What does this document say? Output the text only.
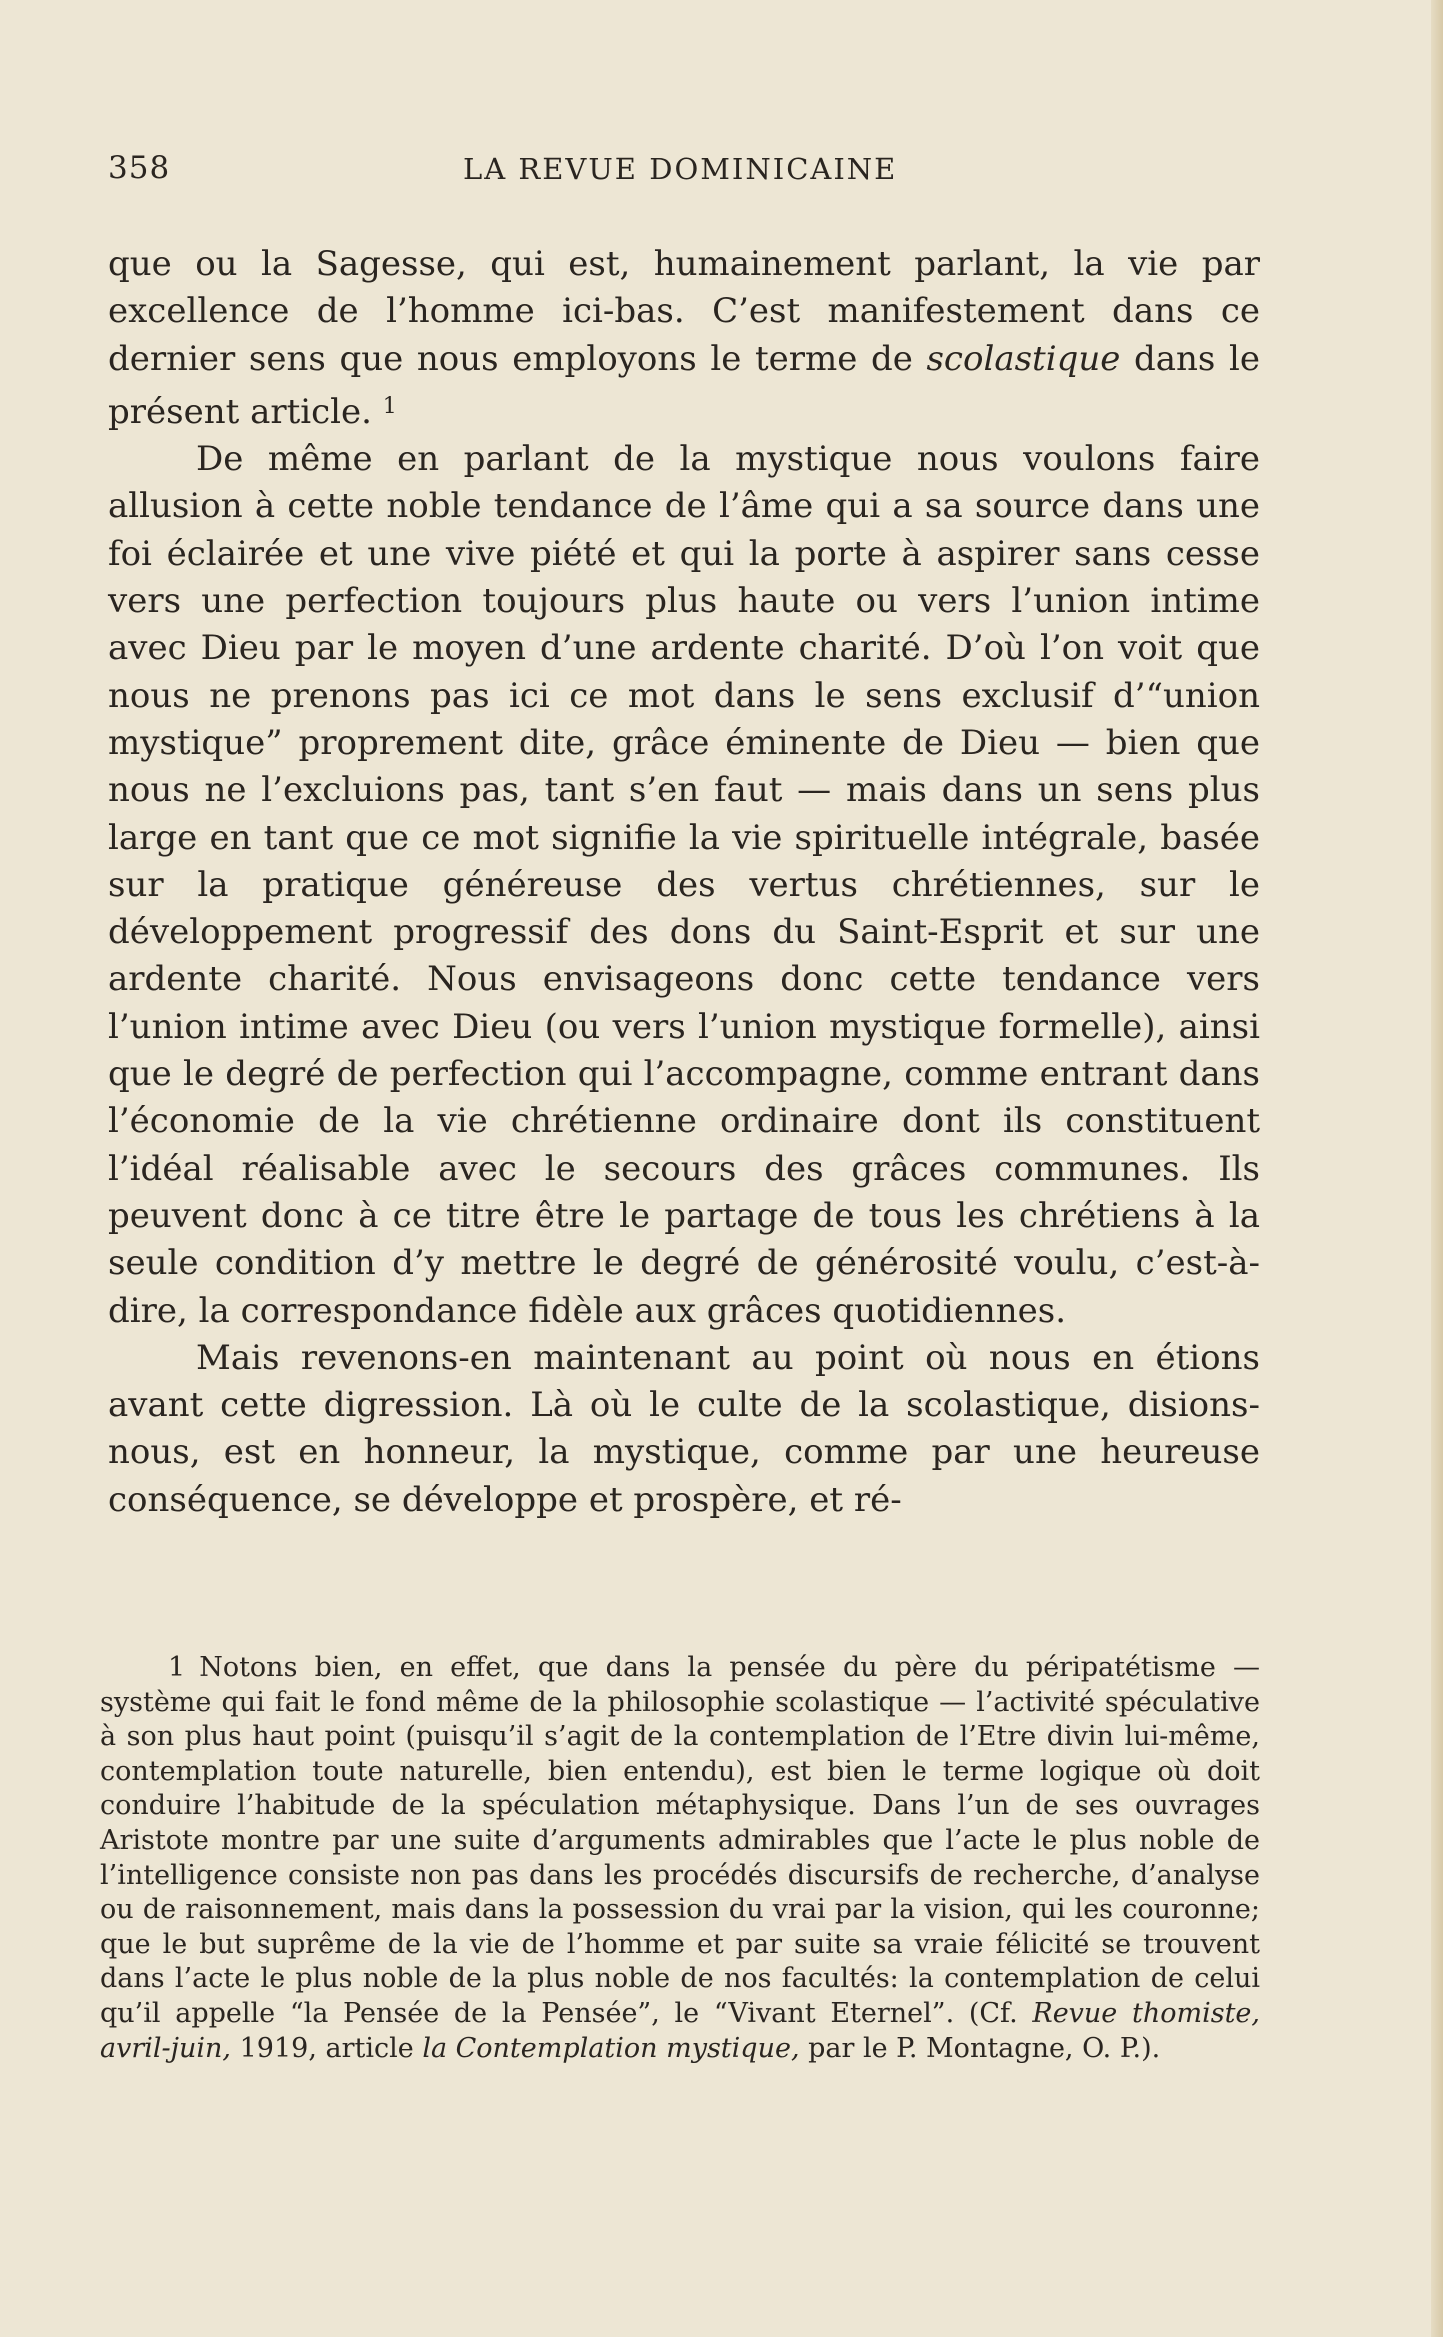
358	LA REVUE DOMINICAINE

que ou la Sagesse, qui est, humainement parlant, la vie par excellence de l’homme ici-bas. C’est manifestement dans ce dernier sens que nous employons le terme de scolastique dans le présent article. $^1$

De même en parlant de la mystique nous voulons faire allusion à cette noble tendance de l’âme qui a sa source dans une foi éclairée et une vive piété et qui la porte à aspirer sans cesse vers une perfection toujours plus haute ou vers l’union intime avec Dieu par le moyen d’une ardente charité. D’où l’on voit que nous ne prenons pas ici ce mot dans le sens exclusif d’“union mystique” proprement dite, grâce éminente de Dieu — bien que nous ne l’excluions pas, tant s’en faut — mais dans un sens plus large en tant que ce mot signifie la vie spirituelle intégrale, basée sur la pratique généreuse des vertus chrétiennes, sur le développement progressif des dons du Saint-Esprit et sur une ardente charité. Nous envisageons donc cette tendance vers l’union intime avec Dieu (ou vers l’union mystique formelle), ainsi que le degré de perfection qui l’accompagne, comme entrant dans l’économie de la vie chrétienne ordinaire dont ils constituent l’idéal réalisable avec le secours des grâces communes. Ils peuvent donc à ce titre être le partage de tous les chrétiens à la seule condition d’y mettre le degré de générosité voulu, c’est-à-dire, la correspondance fidèle aux grâces quotidiennes.

Mais revenons-en maintenant au point où nous en étions avant cette digression. Là où le culte de la scolastique, disions-nous, est en honneur, la mystique, comme par une heureuse conséquence, se développe et prospère, et ré-

1 Notons bien, en effet, que dans la pensée du père du péripatétisme — système qui fait le fond même de la philosophie scolastique — l’activité spéculative à son plus haut point (puisqu’il s’agit de la contemplation de l’Etre divin lui-même, contemplation toute naturelle, bien entendu), est bien le terme logique où doit conduire l’habitude de la spéculation métaphysique. Dans l’un de ses ouvrages Aristote montre par une suite d’arguments admirables que l’acte le plus noble de l’intelligence consiste non pas dans les procédés discursifs de recherche, d’analyse ou de raisonnement, mais dans la possession du vrai par la vision, qui les couronne; que le but suprême de la vie de l’homme et par suite sa vraie félicité se trouvent dans l’acte le plus noble de la plus noble de nos facultés: la contemplation de celui qu’il appelle “la Pensée de la Pensée”, le “Vivant Eternel”. (Cf. Revue thomiste, avril-juin, 1919, article la Contemplation mystique, par le P. Montagne, O. P.).
